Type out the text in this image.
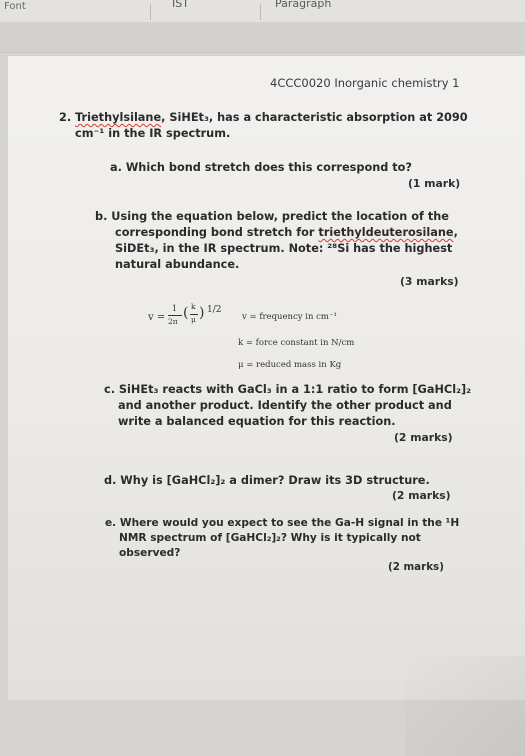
Font	IST	Paragraph
4CCC0020 Inorganic chemistry 1
2. Triethylsilane, SiHEt₃, has a characteristic absorption at 2090
cm⁻¹ in the IR spectrum.
a. Which bond stretch does this correspond to?
(1 mark)
b. Using the equation below, predict the location of the
corresponding bond stretch for triethyldeuterosilane,
SiDEt₃, in the IR spectrum. Note: ²⁸Si has the highest
natural abundance.
(3 marks)
v =
1
2π
( k
μ ) 1/2
v = frequency in cm⁻¹
k = force constant in N/cm
μ = reduced mass in Kg
c. SiHEt₃ reacts with GaCl₃ in a 1:1 ratio to form [GaHCl₂]₂
and another product. Identify the other product and
write a balanced equation for this reaction.
(2 marks)
d. Why is [GaHCl₂]₂ a dimer? Draw its 3D structure.
(2 marks)
e. Where would you expect to see the Ga-H signal in the ¹H
NMR spectrum of [GaHCl₂]₂? Why is it typically not
observed?
(2 marks)
